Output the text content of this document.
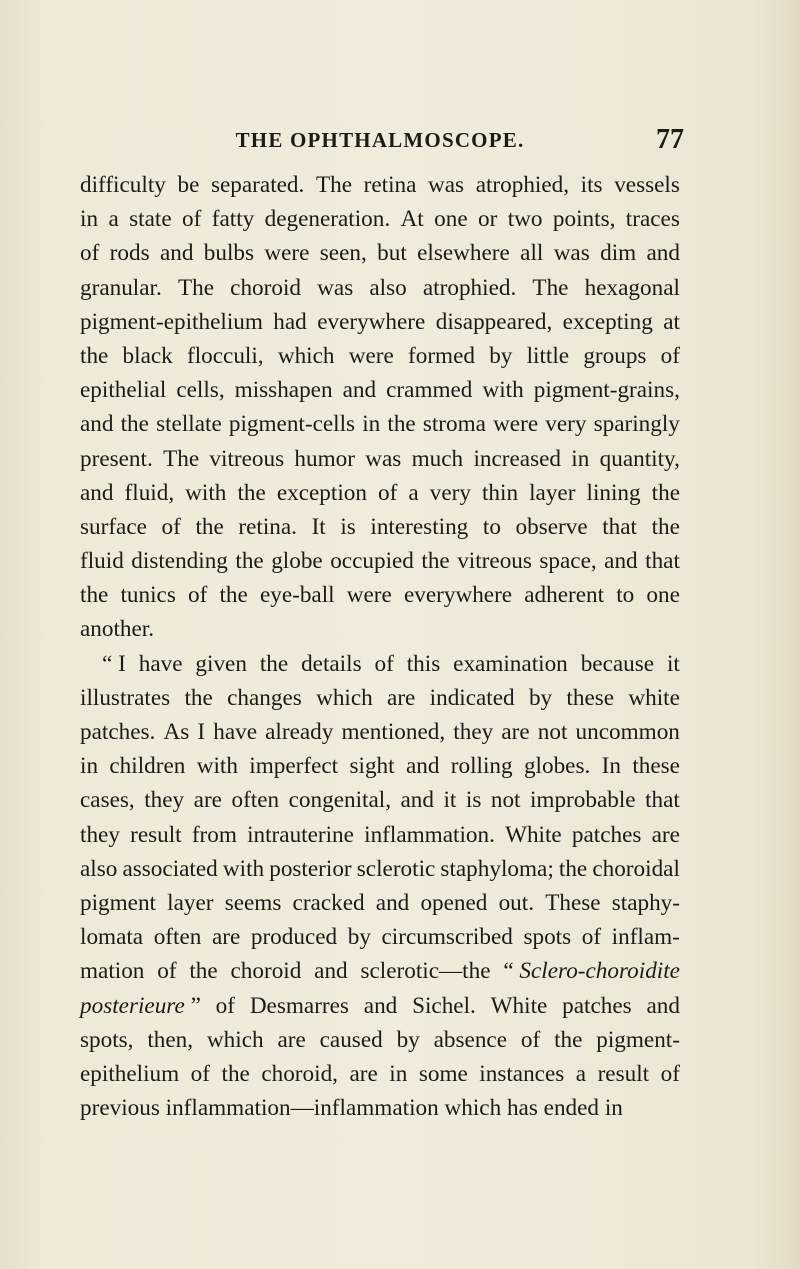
THE OPHTHALMOSCOPE.	77
difficulty be separated. The retina was atrophied, its vessels
in a state of fatty degeneration. At one or two points, traces
of rods and bulbs were seen, but elsewhere all was dim and
granular. The choroid was also atrophied. The hexagonal
pigment-epithelium had everywhere disappeared, excepting at
the black flocculi, which were formed by little groups of
epithelial cells, misshapen and crammed with pigment-grains,
and the stellate pigment-cells in the stroma were very sparingly
present. The vitreous humor was much increased in quantity,
and fluid, with the exception of a very thin layer lining the
surface of the retina. It is interesting to observe that the
fluid distending the globe occupied the vitreous space, and that
the tunics of the eye-ball were everywhere adherent to one
another.
“ I have given the details of this examination because it
illustrates the changes which are indicated by these white
patches. As I have already mentioned, they are not uncommon
in children with imperfect sight and rolling globes. In these
cases, they are often congenital, and it is not improbable that
they result from intrauterine inflammation. White patches are
also associated with posterior sclerotic staphyloma; the choroidal
pigment layer seems cracked and opened out. These staphy-
lomata often are produced by circumscribed spots of inflam-
mation of the choroid and sclerotic—the “ Sclero-choroidite
posterieure ” of Desmarres and Sichel. White patches and
spots, then, which are caused by absence of the pigment-
epithelium of the choroid, are in some instances a result of
previous inflammation—inflammation which has ended in
